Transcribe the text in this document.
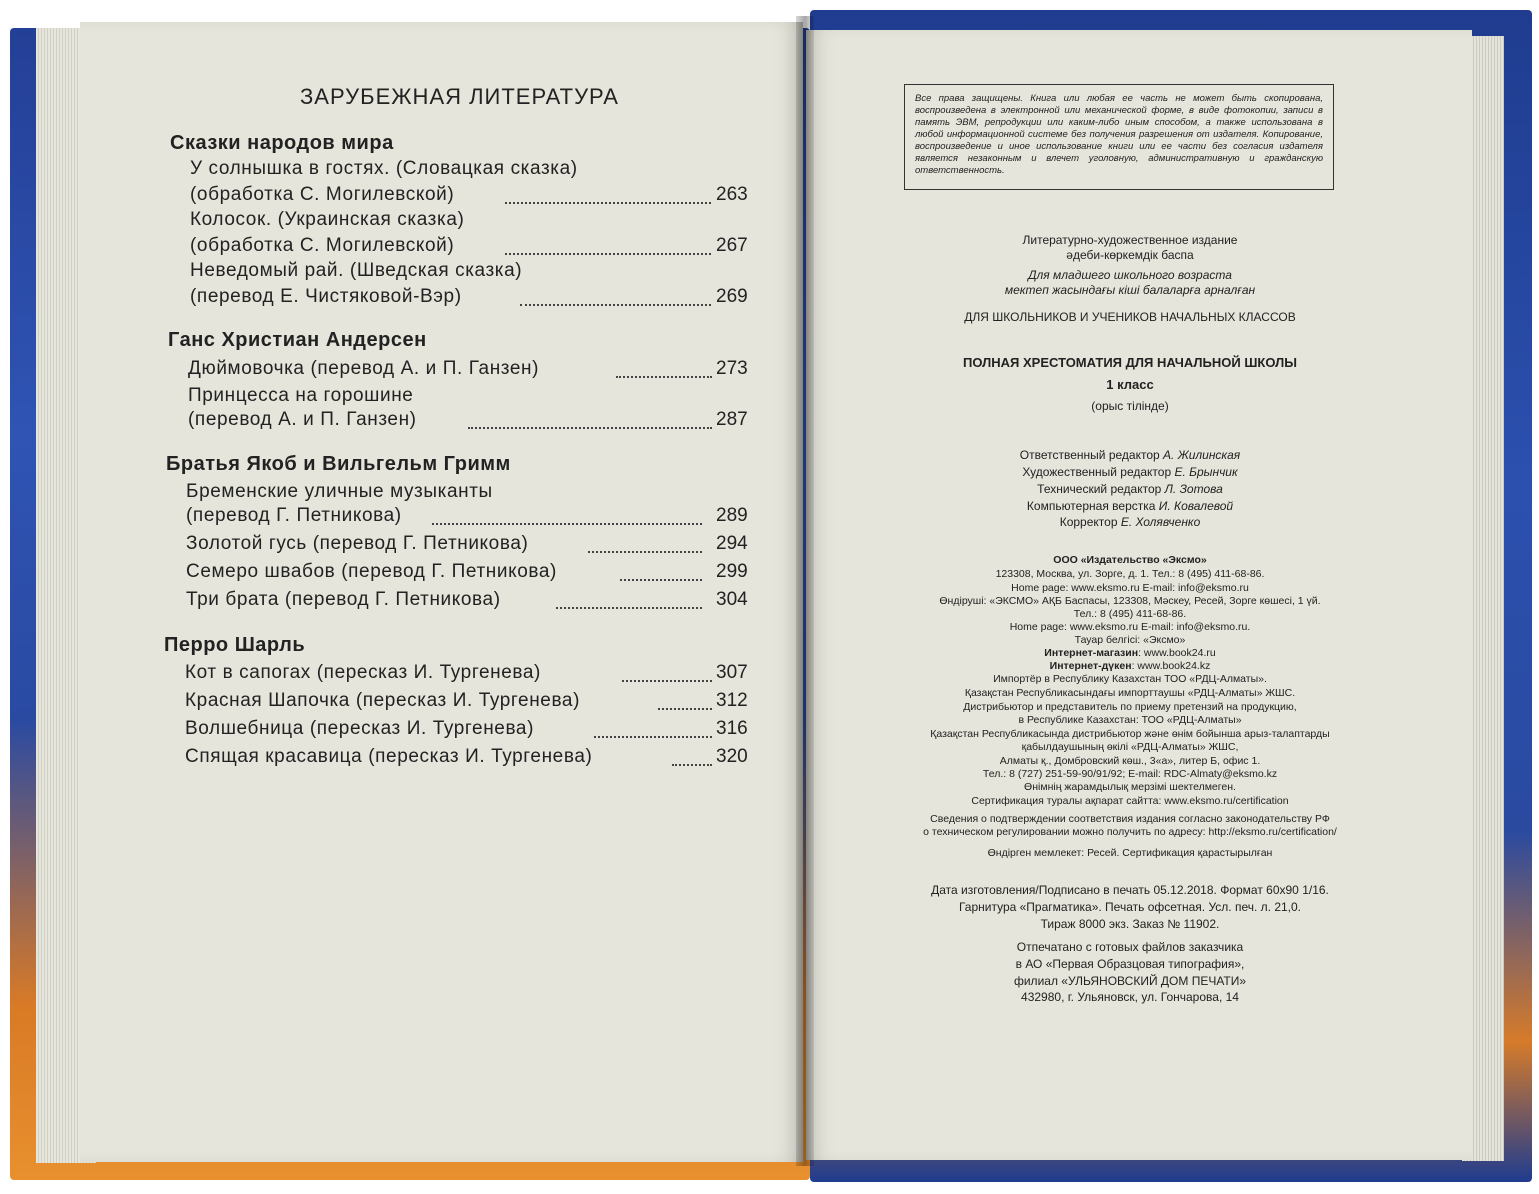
ЗАРУБЕЖНАЯ ЛИТЕРАТУРА
Сказки народов мира
У солнышка в гостях. (Словацкая сказка)
(обработка С. Могилевской)	263
Колосок. (Украинская сказка)
(обработка С. Могилевской)	267
Неведомый рай. (Шведская сказка)
(перевод Е. Чистяковой-Вэр)	269
Ганс Христиан Андерсен
Дюймовочка (перевод А. и П. Ганзен)	273
Принцесса на горошине
(перевод А. и П. Ганзен)	287
Братья Якоб и Вильгельм Гримм
Бременские уличные музыканты
(перевод Г. Петникова)	289
Золотой гусь (перевод Г. Петникова)	294
Семеро швабов (перевод Г. Петникова)	299
Три брата (перевод Г. Петникова)	304
Перро Шарль
Кот в сапогах (пересказ И. Тургенева)	307
Красная Шапочка (пересказ И. Тургенева)	312
Волшебница (пересказ И. Тургенева)	316
Спящая красавица (пересказ И. Тургенева)	320

Все права защищены. Книга или любая ее часть не может быть скопирована, воспроизведена в электронной или механической форме, в виде фотокопии, записи в память ЭВМ, репродукции или каким-либо иным способом, а также использована в любой информационной системе без получения разрешения от издателя. Копирование, воспроизведение и иное использование книги или ее части без согласия издателя является незаконным и влечет уголовную, административную и гражданскую ответственность.

Литературно-художественное издание
әдеби-көркемдік баспа
Для младшего школьного возраста
мектеп жасындағы кіші балаларға арналған
ДЛЯ ШКОЛЬНИКОВ И УЧЕНИКОВ НАЧАЛЬНЫХ КЛАССОВ
ПОЛНАЯ ХРЕСТОМАТИЯ ДЛЯ НАЧАЛЬНОЙ ШКОЛЫ
1 класс
(орыс тілінде)
Ответственный редактор А. Жилинская
Художественный редактор Е. Брынчик
Технический редактор Л. Зотова
Компьютерная верстка И. Ковалевой
Корректор Е. Холявченко
ООО «Издательство «Эксмо»
123308, Москва, ул. Зорге, д. 1. Тел.: 8 (495) 411-68-86.
Home page: www.eksmo.ru E-mail: info@eksmo.ru
Өндіруші: «ЭКСМО» АҚБ Баспасы, 123308, Мәскеу, Ресей, Зорге көшесі, 1 үй.
Тел.: 8 (495) 411-68-86.
Home page: www.eksmo.ru E-mail: info@eksmo.ru.
Тауар белгісі: «Эксмо»
Интернет-магазин: www.book24.ru
Интернет-дүкен: www.book24.kz
Импортёр в Республику Казахстан ТОО «РДЦ-Алматы».
Қазақстан Республикасындағы импорттаушы «РДЦ-Алматы» ЖШС.
Дистрибьютор и представитель по приему претензий на продукцию,
в Республике Казахстан: ТОО «РДЦ-Алматы»
Қазақстан Республикасында дистрибьютор және өнім бойынша арыз-талаптарды
қабылдаушының өкілі «РДЦ-Алматы» ЖШС,
Алматы қ., Домбровский көш., 3«а», литер Б, офис 1.
Тел.: 8 (727) 251-59-90/91/92; E-mail: RDC-Almaty@eksmo.kz
Өнімнің жарамдылық мерзімі шектелмеген.
Сертификация туралы ақпарат сайтта: www.eksmo.ru/certification
Сведения о подтверждении соответствия издания согласно законодательству РФ
о техническом регулировании можно получить по адресу: http://eksmo.ru/certification/
Өндірген мемлекет: Ресей. Сертификация қарастырылған
Дата изготовления/Подписано в печать 05.12.2018. Формат 60x90 1/16.
Гарнитура «Прагматика». Печать офсетная. Усл. печ. л. 21,0.
Тираж 8000 экз. Заказ № 11902.
Отпечатано с готовых файлов заказчика
в АО «Первая Образцовая типография»,
филиал «УЛЬЯНОВСКИЙ ДОМ ПЕЧАТИ»
432980, г. Ульяновск, ул. Гончарова, 14
